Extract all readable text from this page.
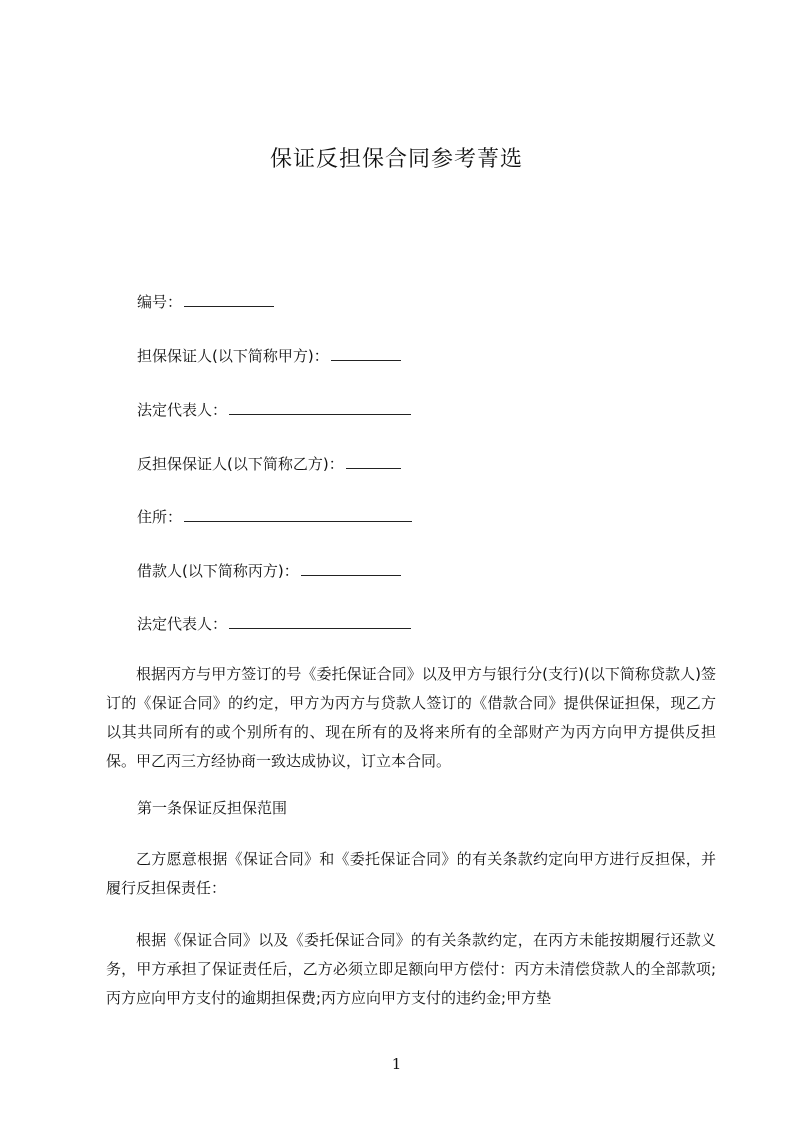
保证反担保合同参考菁选
编号：
担保保证人(以下简称甲方)：
法定代表人：
反担保保证人(以下简称乙方)：
住所：
借款人(以下简称丙方)：
法定代表人：

根据丙方与甲方签订的号《委托保证合同》以及甲方与银行分(支行)(以下简称贷款人)签订的《保证合同》的约定，甲方为丙方与贷款人签订的《借款合同》提供保证担保，现乙方以其共同所有的或个别所有的、现在所有的及将来所有的全部财产为丙方向甲方提供反担保。甲乙丙三方经协商一致达成协议，订立本合同。

第一条保证反担保范围

乙方愿意根据《保证合同》和《委托保证合同》的有关条款约定向甲方进行反担保，并履行反担保责任：

根据《保证合同》以及《委托保证合同》的有关条款约定，在丙方未能按期履行还款义务，甲方承担了保证责任后，乙方必须立即足额向甲方偿付：丙方未清偿贷款人的全部款项;丙方应向甲方支付的逾期担保费;丙方应向甲方支付的违约金;甲方垫

1
